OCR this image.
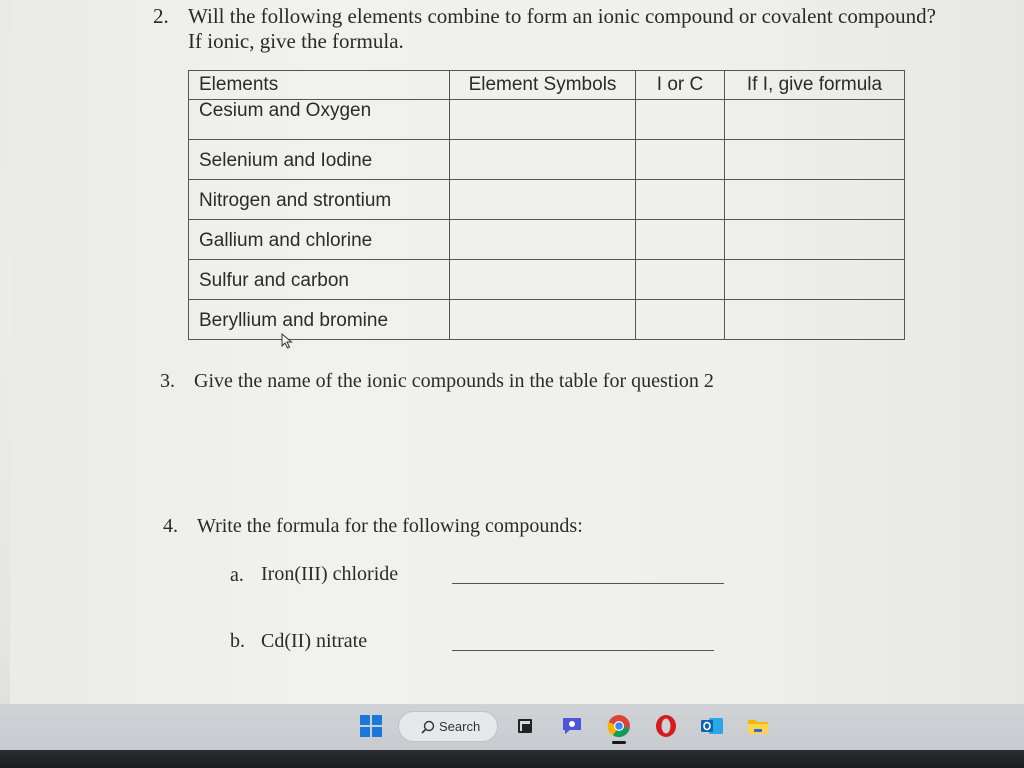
2. Will the following elements combine to form an ionic compound or covalent compound?
If ionic, give the formula.
Elements	Element Symbols	I or C	If I, give formula
Cesium and Oxygen			
Selenium and Iodine			
Nitrogen and strontium			
Gallium and chlorine			
Sulfur and carbon			
Beryllium and bromine			
3. Give the name of the ionic compounds in the table for question 2
4. Write the formula for the following compounds:
a. Iron(III) chloride
b. Cd(II) nitrate
Search
